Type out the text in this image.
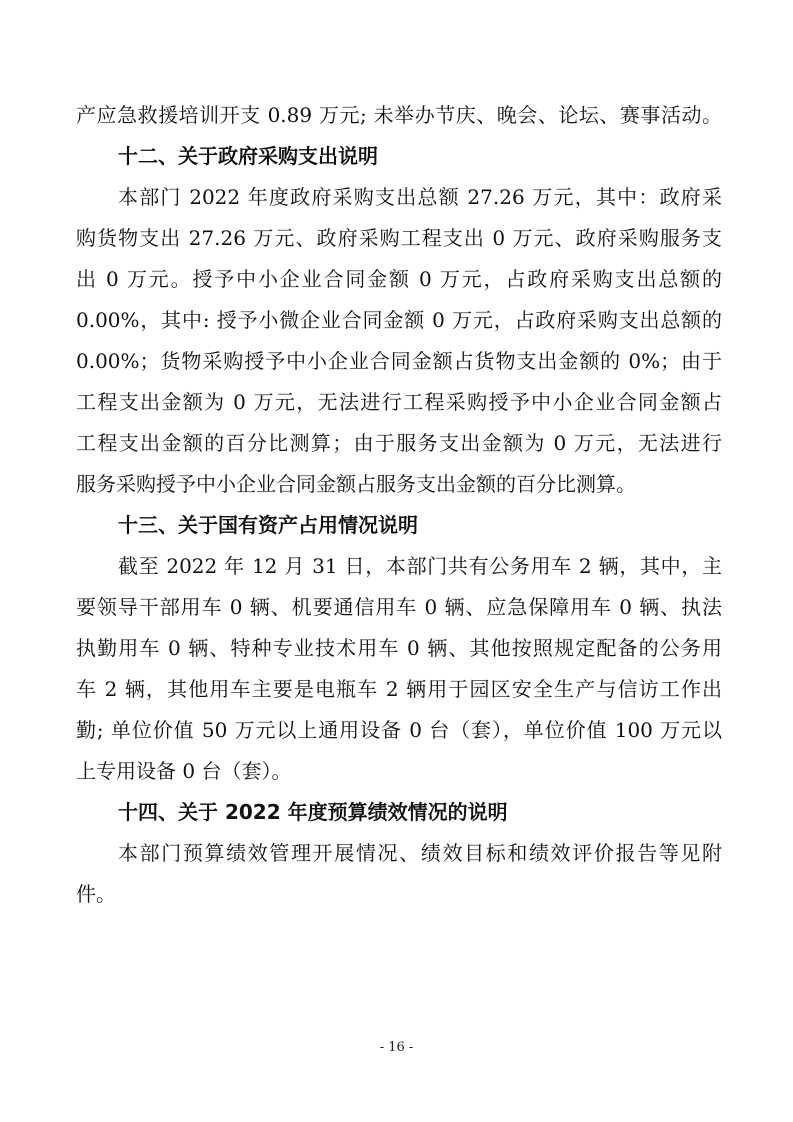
产应急救援培训开支 0.89 万元; 未举办节庆、晚会、论坛、赛事活动。
十二、关于政府采购支出说明
本部门 2022 年度政府采购支出总额 27.26 万元，其中：政府采
购货物支出 27.26 万元、政府采购工程支出 0 万元、政府采购服务支
出 0 万元。授予中小企业合同金额 0 万元，占政府采购支出总额的
0.00%，其中: 授予小微企业合同金额 0 万元，占政府采购支出总额的
0.00%；货物采购授予中小企业合同金额占货物支出金额的 0%；由于
工程支出金额为 0 万元，无法进行工程采购授予中小企业合同金额占
工程支出金额的百分比测算；由于服务支出金额为 0 万元，无法进行
服务采购授予中小企业合同金额占服务支出金额的百分比测算。
十三、关于国有资产占用情况说明
截至 2022 年 12 月 31 日，本部门共有公务用车 2 辆，其中，主
要领导干部用车 0 辆、机要通信用车 0 辆、应急保障用车 0 辆、执法
执勤用车 0 辆、特种专业技术用车 0 辆、其他按照规定配备的公务用
车 2 辆，其他用车主要是电瓶车 2 辆用于园区安全生产与信访工作出
勤; 单位价值 50 万元以上通用设备 0 台（套），单位价值 100 万元以
上专用设备 0 台（套）。
十四、关于 2022 年度预算绩效情况的说明
本部门预算绩效管理开展情况、绩效目标和绩效评价报告等见附
件。
- 16 -
